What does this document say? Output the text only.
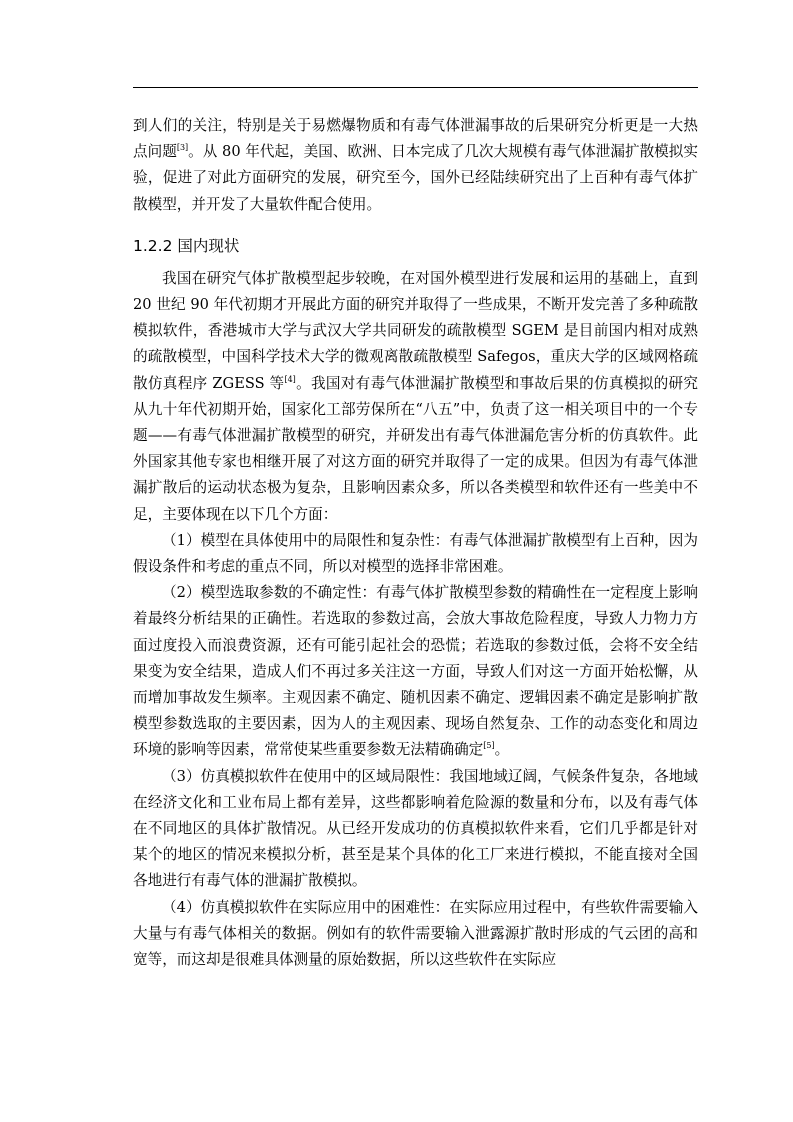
到人们的关注，特别是关于易燃爆物质和有毒气体泄漏事故的后果研究分析更是一大热点问题[3]。从 80 年代起，美国、欧洲、日本完成了几次大规模有毒气体泄漏扩散模拟实验，促进了对此方面研究的发展，研究至今，国外已经陆续研究出了上百种有毒气体扩散模型，并开发了大量软件配合使用。

1.2.2 国内现状

我国在研究气体扩散模型起步较晚，在对国外模型进行发展和运用的基础上，直到 20 世纪 90 年代初期才开展此方面的研究并取得了一些成果，不断开发完善了多种疏散模拟软件，香港城市大学与武汉大学共同研发的疏散模型 SGEM 是目前国内相对成熟的疏散模型，中国科学技术大学的微观离散疏散模型 Safegos，重庆大学的区域网格疏散仿真程序 ZGESS 等[4]。我国对有毒气体泄漏扩散模型和事故后果的仿真模拟的研究从九十年代初期开始，国家化工部劳保所在“八五”中，负责了这一相关项目中的一个专题——有毒气体泄漏扩散模型的研究，并研发出有毒气体泄漏危害分析的仿真软件。此外国家其他专家也相继开展了对这方面的研究并取得了一定的成果。但因为有毒气体泄漏扩散后的运动状态极为复杂，且影响因素众多，所以各类模型和软件还有一些美中不足，主要体现在以下几个方面：

（1）模型在具体使用中的局限性和复杂性：有毒气体泄漏扩散模型有上百种，因为假设条件和考虑的重点不同，所以对模型的选择非常困难。

（2）模型选取参数的不确定性：有毒气体扩散模型参数的精确性在一定程度上影响着最终分析结果的正确性。若选取的参数过高，会放大事故危险程度，导致人力物力方面过度投入而浪费资源，还有可能引起社会的恐慌；若选取的参数过低，会将不安全结果变为安全结果，造成人们不再过多关注这一方面，导致人们对这一方面开始松懈，从而增加事故发生频率。主观因素不确定、随机因素不确定、逻辑因素不确定是影响扩散模型参数选取的主要因素，因为人的主观因素、现场自然复杂、工作的动态变化和周边环境的影响等因素，常常使某些重要参数无法精确确定[5]。

（3）仿真模拟软件在使用中的区域局限性：我国地域辽阔，气候条件复杂，各地域在经济文化和工业布局上都有差异，这些都影响着危险源的数量和分布，以及有毒气体在不同地区的具体扩散情况。从已经开发成功的仿真模拟软件来看，它们几乎都是针对某个的地区的情况来模拟分析，甚至是某个具体的化工厂来进行模拟，不能直接对全国各地进行有毒气体的泄漏扩散模拟。

（4）仿真模拟软件在实际应用中的困难性：在实际应用过程中，有些软件需要输入大量与有毒气体相关的数据。例如有的软件需要输入泄露源扩散时形成的气云团的高和宽等，而这却是很难具体测量的原始数据，所以这些软件在实际应
